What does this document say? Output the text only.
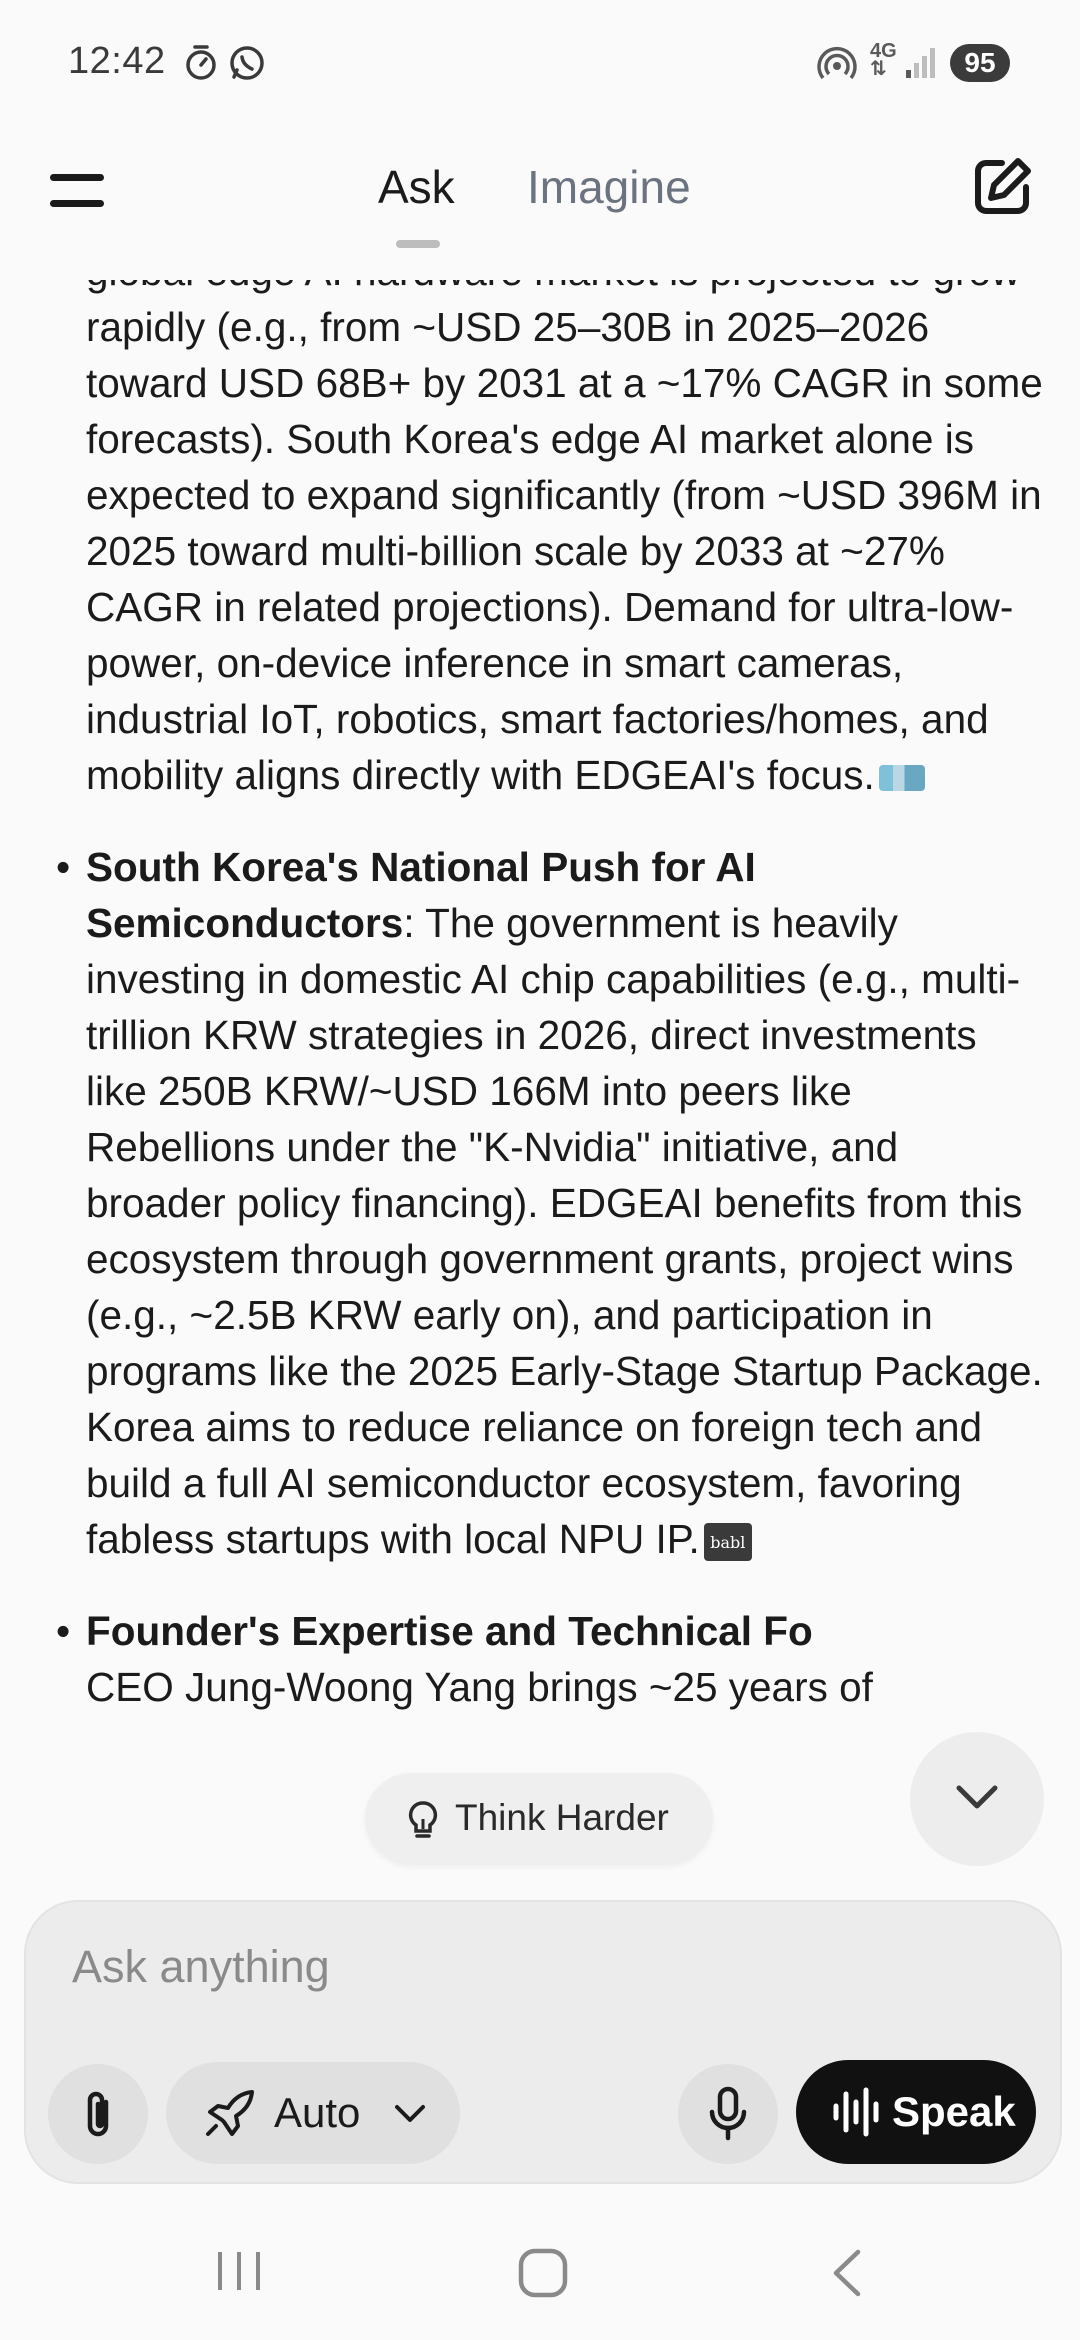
12:42	4G
⇅	95
Ask Imagine

rapidly (e.g., from ~USD 25–30B in 2025–2026 toward USD 68B+ by 2031 at a ~17% CAGR in some forecasts). South Korea's edge AI market alone is expected to expand significantly (from ~USD 396M in 2025 toward multi-billion scale by 2033 at ~27% CAGR in related projections). Demand for ultra-low-power, on-device inference in smart cameras, industrial IoT, robotics, smart factories/homes, and mobility aligns directly with EDGEAI's focus.

• South Korea's National Push for AI Semiconductors: The government is heavily investing in domestic AI chip capabilities (e.g., multi-trillion KRW strategies in 2026, direct investments like 250B KRW/~USD 166M into peers like Rebellions under the "K-Nvidia" initiative, and broader policy financing). EDGEAI benefits from this ecosystem through government grants, project wins (e.g., ~2.5B KRW early on), and participation in programs like the 2025 Early-Stage Startup Package. Korea aims to reduce reliance on foreign tech and build a full AI semiconductor ecosystem, favoring fabless startups with local NPU IP. babl
• Founder's Expertise and Technical Fo
CEO Jung-Woong Yang brings ~25 years of
Think Harder
Ask anything
Auto	Speak
